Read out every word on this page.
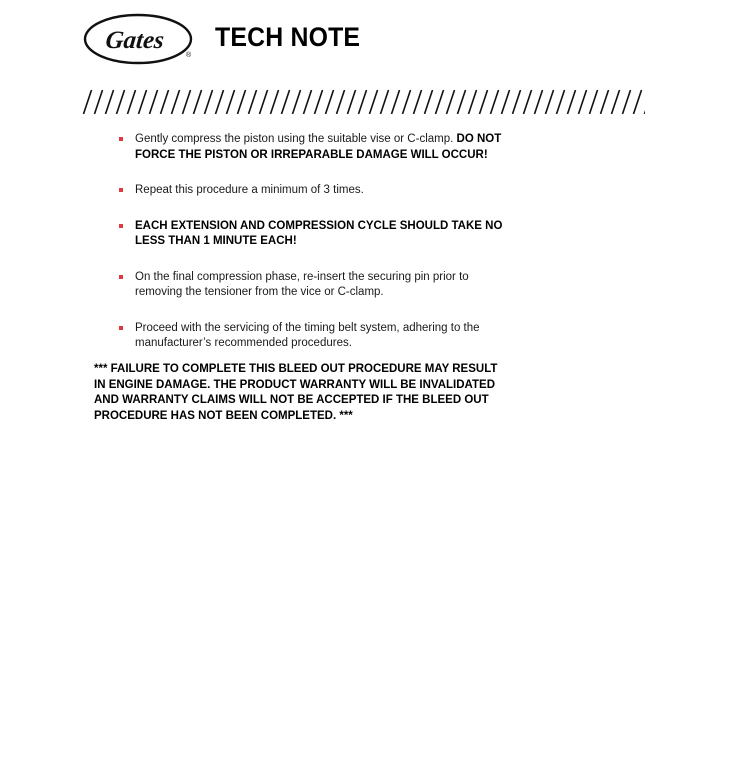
Gates
®
TECH NOTE
Gently compress the piston using the suitable vise or C-clamp. DO NOT FORCE THE PISTON OR IRREPARABLE DAMAGE WILL OCCUR!
Repeat this procedure a minimum of 3 times.
EACH EXTENSION AND COMPRESSION CYCLE SHOULD TAKE NO LESS THAN 1 MINUTE EACH!
On the final compression phase, re-insert the securing pin prior to removing the tensioner from the vice or C-clamp.
Proceed with the servicing of the timing belt system, adhering to the manufacturer’s recommended procedures.
*** FAILURE TO COMPLETE THIS BLEED OUT PROCEDURE MAY RESULT IN ENGINE DAMAGE. THE PRODUCT WARRANTY WILL BE INVALIDATED AND WARRANTY CLAIMS WILL NOT BE ACCEPTED IF THE BLEED OUT PROCEDURE HAS NOT BEEN COMPLETED. ***
